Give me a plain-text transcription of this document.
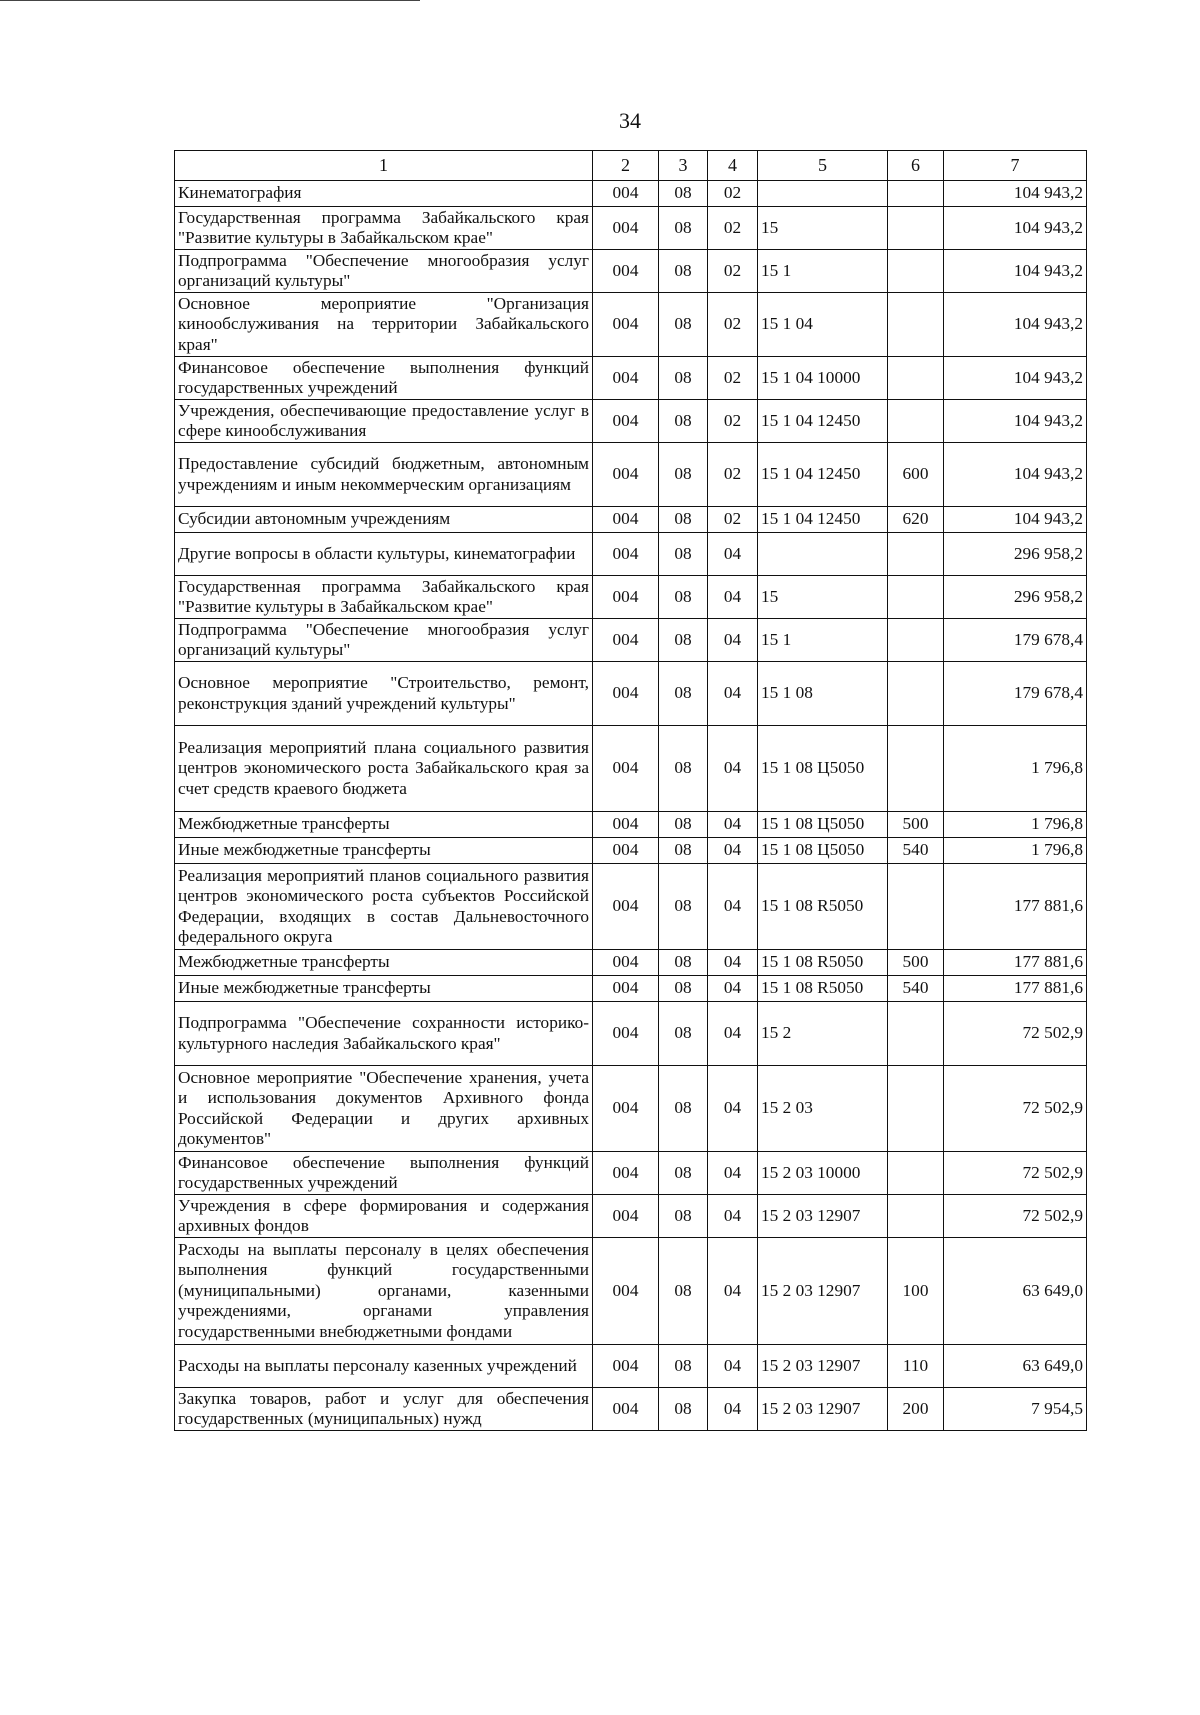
34
1	2	3	4	5	6	7
Кинематография	004	08	02			104 943,2
Государственная программа Забайкальского края "Развитие культуры в Забайкальском крае"	004	08	02	15		104 943,2
Подпрограмма "Обеспечение многообразия услуг организаций культуры"	004	08	02	15 1		104 943,2
Основное мероприятие "Организация кинообслуживания на территории Забайкальского края"	004	08	02	15 1 04		104 943,2
Финансовое обеспечение выполнения функций государственных учреждений	004	08	02	15 1 04 10000		104 943,2
Учреждения, обеспечивающие предоставление услуг в сфере кинообслуживания	004	08	02	15 1 04 12450		104 943,2
Предоставление субсидий бюджетным, автономным учреждениям и иным некоммерческим организациям	004	08	02	15 1 04 12450	600	104 943,2
Субсидии автономным учреждениям	004	08	02	15 1 04 12450	620	104 943,2
Другие вопросы в области культуры, кинематографии	004	08	04			296 958,2
Государственная программа Забайкальского края "Развитие культуры в Забайкальском крае"	004	08	04	15		296 958,2
Подпрограмма "Обеспечение многообразия услуг организаций культуры"	004	08	04	15 1		179 678,4
Основное мероприятие "Строительство, ремонт, реконструкция зданий учреждений культуры"	004	08	04	15 1 08		179 678,4
Реализация мероприятий плана социального развития центров экономического роста Забайкальского края за счет средств краевого бюджета	004	08	04	15 1 08 Ц5050		1 796,8
Межбюджетные трансферты	004	08	04	15 1 08 Ц5050	500	1 796,8
Иные межбюджетные трансферты	004	08	04	15 1 08 Ц5050	540	1 796,8
Реализация мероприятий планов социального развития центров экономического роста субъектов Российской Федерации, входящих в состав Дальневосточного федерального округа	004	08	04	15 1 08 R5050		177 881,6
Межбюджетные трансферты	004	08	04	15 1 08 R5050	500	177 881,6
Иные межбюджетные трансферты	004	08	04	15 1 08 R5050	540	177 881,6
Подпрограмма "Обеспечение сохранности историко-культурного наследия Забайкальского края"	004	08	04	15 2		72 502,9
Основное мероприятие "Обеспечение хранения, учета и использования документов Архивного фонда Российской Федерации и других архивных документов"	004	08	04	15 2 03		72 502,9
Финансовое обеспечение выполнения функций государственных учреждений	004	08	04	15 2 03 10000		72 502,9
Учреждения в сфере формирования и содержания архивных фондов	004	08	04	15 2 03 12907		72 502,9
Расходы на выплаты персоналу в целях обеспечения выполнения функций государственными (муниципальными) органами, казенными учреждениями, органами управления государственными внебюджетными фондами	004	08	04	15 2 03 12907	100	63 649,0
Расходы на выплаты персоналу казенных учреждений	004	08	04	15 2 03 12907	110	63 649,0
Закупка товаров, работ и услуг для обеспечения государственных (муниципальных) нужд	004	08	04	15 2 03 12907	200	7 954,5
